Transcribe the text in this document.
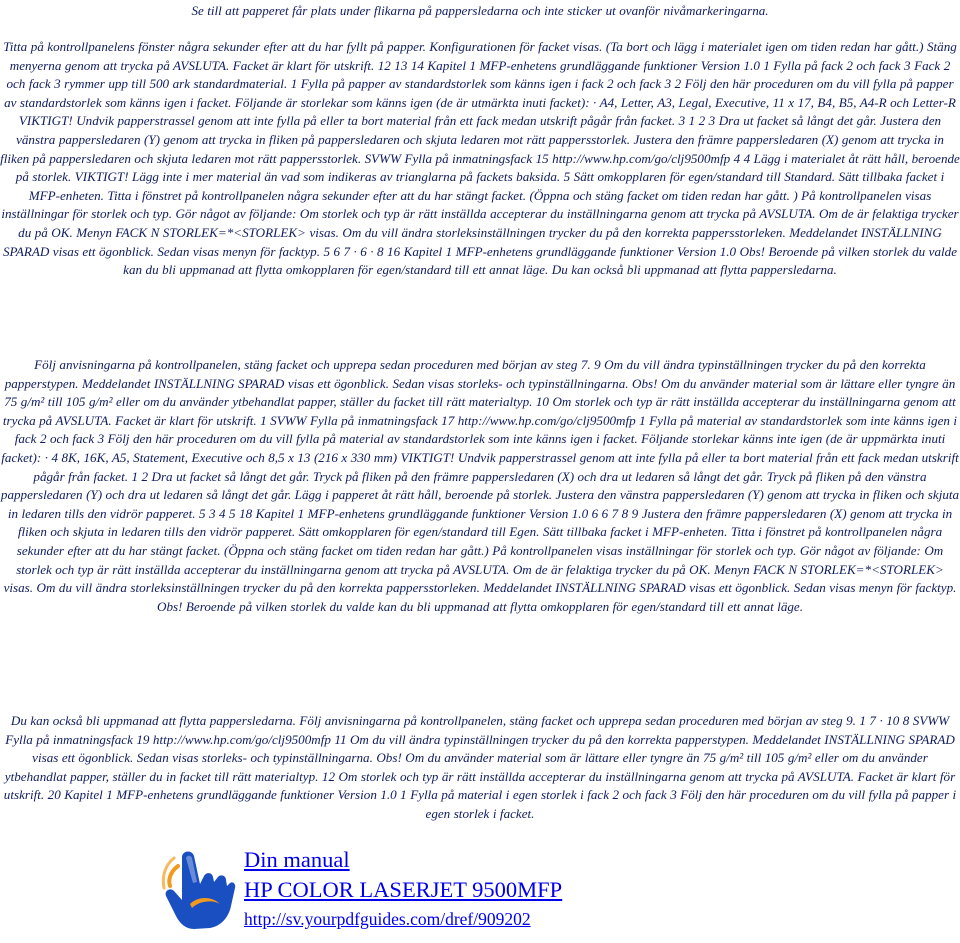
Se till att papperet får plats under flikarna på pappersledarna och inte sticker ut ovanför nivåmarkeringarna.

Titta på kontrollpanelens fönster några sekunder efter att du har fyllt på papper. Konfigurationen för facket visas. (Ta bort och lägg i materialet igen om tiden redan har gått.) Stäng menyerna genom att trycka på AVSLUTA. Facket är klart för utskrift. 12 13 14 Kapitel 1 MFP-enhetens grundläggande funktioner Version 1.0 1 Fylla på fack 2 och fack 3 Fack 2 och fack 3 rymmer upp till 500 ark standardmaterial. 1 Fylla på papper av standardstorlek som känns igen i fack 2 och fack 3 2 Följ den här proceduren om du vill fylla på papper av standardstorlek som känns igen i facket. Följande är storlekar som känns igen (de är utmärkta inuti facket): · A4, Letter, A3, Legal, Executive, 11 x 17, B4, B5, A4-R och Letter-R VIKTIGT! Undvik papperstrassel genom att inte fylla på eller ta bort material från ett fack medan utskrift pågår från facket. 3 1 2 3 Dra ut facket så långt det går. Justera den vänstra pappersledaren (Y) genom att trycka in fliken på pappersledaren och skjuta ledaren mot rätt pappersstorlek. Justera den främre pappersledaren (X) genom att trycka in fliken på pappersledaren och skjuta ledaren mot rätt pappersstorlek. SVWW Fylla på inmatningsfack 15 http://www.hp.com/go/clj9500mfp 4 4 Lägg i materialet åt rätt håll, beroende på storlek. VIKTIGT! Lägg inte i mer material än vad som indikeras av trianglarna på fackets baksida. 5 Sätt omkopplaren för egen/standard till Standard. Sätt tillbaka facket i MFP-enheten. Titta i fönstret på kontrollpanelen några sekunder efter att du har stängt facket. (Öppna och stäng facket om tiden redan har gått. ) På kontrollpanelen visas inställningar för storlek och typ. Gör något av följande: Om storlek och typ är rätt inställda accepterar du inställningarna genom att trycka på AVSLUTA. Om de är felaktiga trycker du på OK. Menyn FACK N STORLEK=*<STORLEK> visas. Om du vill ändra storleksinställningen trycker du på den korrekta pappersstorleken. Meddelandet INSTÄLLNING SPARAD visas ett ögonblick. Sedan visas menyn för facktyp. 5 6 7 · 6 · 8 16 Kapitel 1 MFP-enhetens grundläggande funktioner Version 1.0 Obs! Beroende på vilken storlek du valde kan du bli uppmanad att flytta omkopplaren för egen/standard till ett annat läge. Du kan också bli uppmanad att flytta pappersledarna.

Följ anvisningarna på kontrollpanelen, stäng facket och upprepa sedan proceduren med början av steg 7. 9 Om du vill ändra typinställningen trycker du på den korrekta papperstypen. Meddelandet INSTÄLLNING SPARAD visas ett ögonblick. Sedan visas storleks- och typinställningarna. Obs! Om du använder material som är lättare eller tyngre än 75 g/m² till 105 g/m² eller om du använder ytbehandlat papper, ställer du facket till rätt materialtyp. 10 Om storlek och typ är rätt inställda accepterar du inställningarna genom att trycka på AVSLUTA. Facket är klart för utskrift. 1 SVWW Fylla på inmatningsfack 17 http://www.hp.com/go/clj9500mfp 1 Fylla på material av standardstorlek som inte känns igen i fack 2 och fack 3 Följ den här proceduren om du vill fylla på material av standardstorlek som inte känns igen i facket. Följande storlekar känns inte igen (de är uppmärkta inuti facket): · 4 8K, 16K, A5, Statement, Executive och 8,5 x 13 (216 x 330 mm) VIKTIGT! Undvik papperstrassel genom att inte fylla på eller ta bort material från ett fack medan utskrift pågår från facket. 1 2 Dra ut facket så långt det går. Tryck på fliken på den främre pappersledaren (X) och dra ut ledaren så långt det går. Tryck på fliken på den vänstra pappersledaren (Y) och dra ut ledaren så långt det går. Lägg i papperet åt rätt håll, beroende på storlek. Justera den vänstra pappersledaren (Y) genom att trycka in fliken och skjuta in ledaren tills den vidrör papperet. 5 3 4 5 18 Kapitel 1 MFP-enhetens grundläggande funktioner Version 1.0 6 6 7 8 9 Justera den främre pappersledaren (X) genom att trycka in fliken och skjuta in ledaren tills den vidrör papperet. Sätt omkopplaren för egen/standard till Egen. Sätt tillbaka facket i MFP-enheten. Titta i fönstret på kontrollpanelen några sekunder efter att du har stängt facket. (Öppna och stäng facket om tiden redan har gått.) På kontrollpanelen visas inställningar för storlek och typ. Gör något av följande: Om storlek och typ är rätt inställda accepterar du inställningarna genom att trycka på AVSLUTA. Om de är felaktiga trycker du på OK. Menyn FACK N STORLEK=*<STORLEK> visas. Om du vill ändra storleksinställningen trycker du på den korrekta pappersstorleken. Meddelandet INSTÄLLNING SPARAD visas ett ögonblick. Sedan visas menyn för facktyp. Obs! Beroende på vilken storlek du valde kan du bli uppmanad att flytta omkopplaren för egen/standard till ett annat läge.

Du kan också bli uppmanad att flytta pappersledarna. Följ anvisningarna på kontrollpanelen, stäng facket och upprepa sedan proceduren med början av steg 9. 1 7 · 10 8 SVWW Fylla på inmatningsfack 19 http://www.hp.com/go/clj9500mfp 11 Om du vill ändra typinställningen trycker du på den korrekta papperstypen. Meddelandet INSTÄLLNING SPARAD visas ett ögonblick. Sedan visas storleks- och typinställningarna. Obs! Om du använder material som är lättare eller tyngre än 75 g/m² till 105 g/m² eller om du använder ytbehandlat papper, ställer du in facket till rätt materialtyp. 12 Om storlek och typ är rätt inställda accepterar du inställningarna genom att trycka på AVSLUTA. Facket är klart för utskrift. 20 Kapitel 1 MFP-enhetens grundläggande funktioner Version 1.0 1 Fylla på material i egen storlek i fack 2 och fack 3 Följ den här proceduren om du vill fylla på papper i egen storlek i facket.

Din manual
HP COLOR LASERJET 9500MFP
http://sv.yourpdfguides.com/dref/909202
